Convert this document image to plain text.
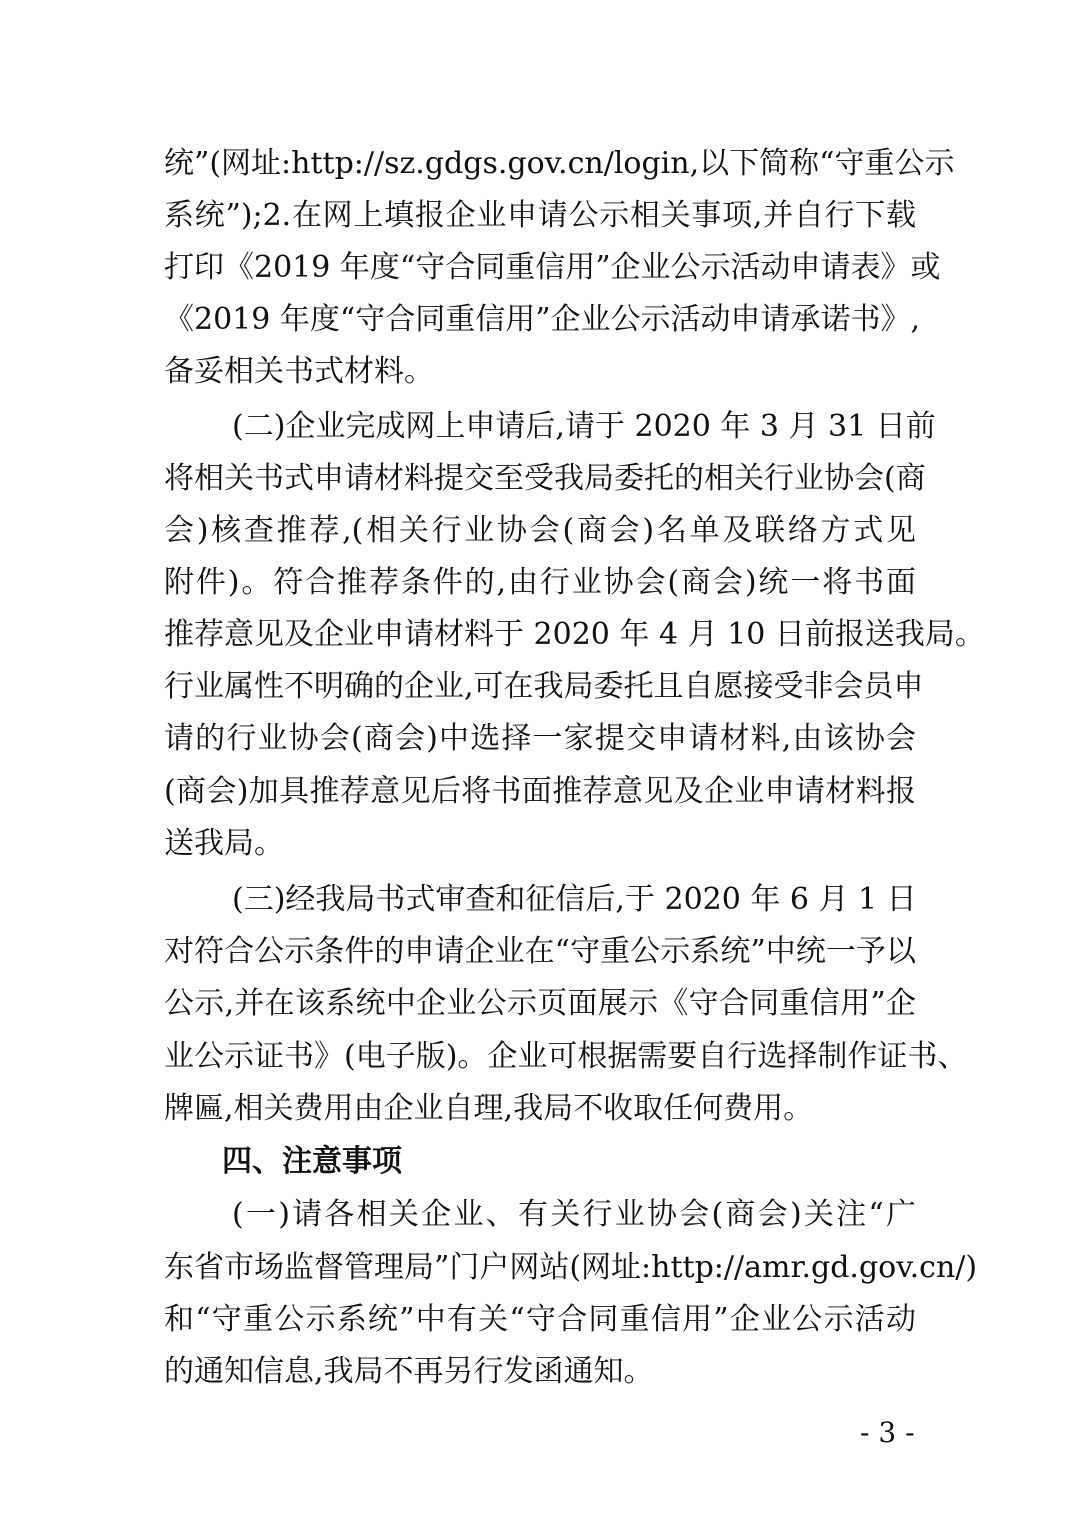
统”(网址:http://sz.gdgs.gov.cn/login,以下简称“守重公示
系统”);2.在网上填报企业申请公示相关事项,并自行下载
打印《2019 年度“守合同重信用”企业公示活动申请表》或
《2019 年度“守合同重信用”企业公示活动申请承诺书》,
备妥相关书式材料。
(二)企业完成网上申请后,请于 2020 年 3 月 31 日前
将相关书式申请材料提交至受我局委托的相关行业协会(商
会)核查推荐,(相关行业协会(商会)名单及联络方式见
附件)。符合推荐条件的,由行业协会(商会)统一将书面
推荐意见及企业申请材料于 2020 年 4 月 10 日前报送我局。
行业属性不明确的企业,可在我局委托且自愿接受非会员申
请的行业协会(商会)中选择一家提交申请材料,由该协会
(商会)加具推荐意见后将书面推荐意见及企业申请材料报
送我局。
(三)经我局书式审查和征信后,于 2020 年 6 月 1 日
对符合公示条件的申请企业在“守重公示系统”中统一予以
公示,并在该系统中企业公示页面展示《守合同重信用”企
业公示证书》(电子版)。企业可根据需要自行选择制作证书、
牌匾,相关费用由企业自理,我局不收取任何费用。
四、注意事项
(一)请各相关企业、有关行业协会(商会)关注“广
东省市场监督管理局”门户网站(网址:http://amr.gd.gov.cn/)
和“守重公示系统”中有关“守合同重信用”企业公示活动
的通知信息,我局不再另行发函通知。
- 3 -
